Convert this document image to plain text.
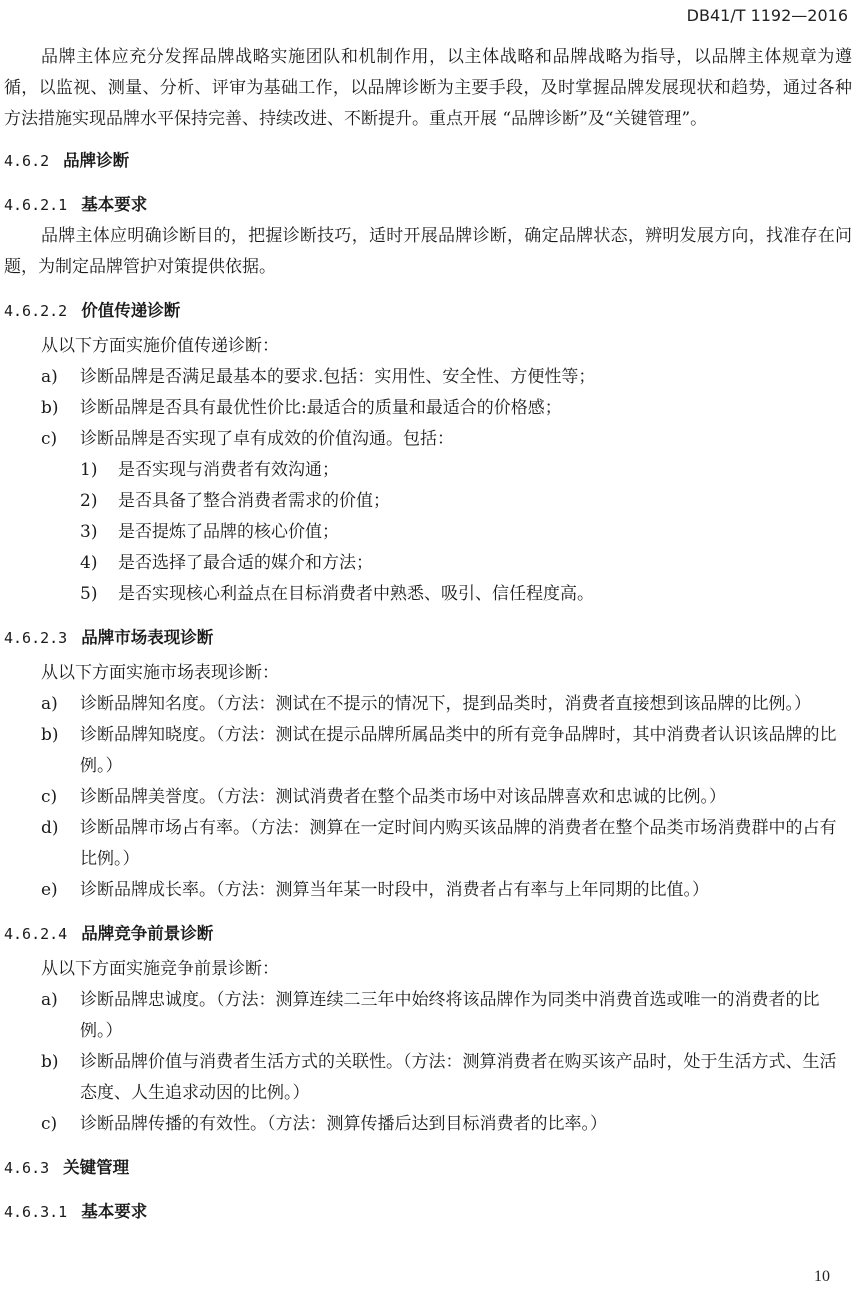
DB41/T 1192—2016

品牌主体应充分发挥品牌战略实施团队和机制作用，以主体战略和品牌战略为指导，以品牌主体规章为遵循，以监视、测量、分析、评审为基础工作，以品牌诊断为主要手段，及时掌握品牌发展现状和趋势，通过各种方法措施实现品牌水平保持完善、持续改进、不断提升。重点开展 “品牌诊断”及“关键管理”。

4.6.2 品牌诊断
4.6.2.1 基本要求

品牌主体应明确诊断目的，把握诊断技巧，适时开展品牌诊断，确定品牌状态，辨明发展方向，找准存在问题，为制定品牌管护对策提供依据。

4.6.2.2 价值传递诊断
从以下方面实施价值传递诊断：
a) 诊断品牌是否满足最基本的要求.包括：实用性、安全性、方便性等；
b) 诊断品牌是否具有最优性价比:最适合的质量和最适合的价格感；
c) 诊断品牌是否实现了卓有成效的价值沟通。包括：
1) 是否实现与消费者有效沟通；
2) 是否具备了整合消费者需求的价值；
3) 是否提炼了品牌的核心价值；
4) 是否选择了最合适的媒介和方法；
5) 是否实现核心利益点在目标消费者中熟悉、吸引、信任程度高。
4.6.2.3 品牌市场表现诊断
从以下方面实施市场表现诊断：
a) 诊断品牌知名度。（方法：测试在不提示的情况下，提到品类时，消费者直接想到该品牌的比例。）
b) 诊断品牌知晓度。（方法：测试在提示品牌所属品类中的所有竞争品牌时，其中消费者认识该品牌的比例。）
c) 诊断品牌美誉度。（方法：测试消费者在整个品类市场中对该品牌喜欢和忠诚的比例。）
d) 诊断品牌市场占有率。（方法：测算在一定时间内购买该品牌的消费者在整个品类市场消费群中的占有比例。）
e) 诊断品牌成长率。（方法：测算当年某一时段中，消费者占有率与上年同期的比值。）
4.6.2.4 品牌竞争前景诊断
从以下方面实施竞争前景诊断：
a) 诊断品牌忠诚度。（方法：测算连续二三年中始终将该品牌作为同类中消费首选或唯一的消费者的比例。）
b) 诊断品牌价值与消费者生活方式的关联性。（方法：测算消费者在购买该产品时，处于生活方式、生活态度、人生追求动因的比例。）
c) 诊断品牌传播的有效性。（方法：测算传播后达到目标消费者的比率。）
4.6.3 关键管理
4.6.3.1 基本要求
10
